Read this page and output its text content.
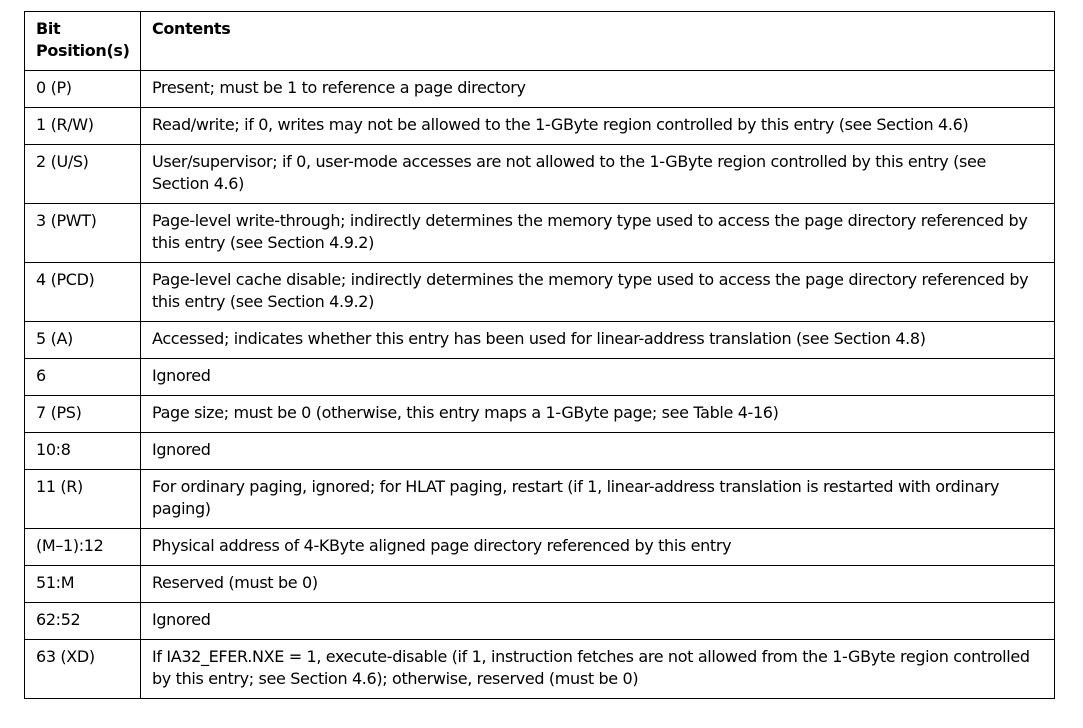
Bit
Position(s)	Contents
0 (P)	Present; must be 1 to reference a page directory
1 (R/W)	Read/write; if 0, writes may not be allowed to the 1-GByte region controlled by this entry (see Section 4.6)
2 (U/S)	User/supervisor; if 0, user-mode accesses are not allowed to the 1-GByte region controlled by this entry (see Section 4.6)
3 (PWT)	Page-level write-through; indirectly determines the memory type used to access the page directory referenced by this entry (see Section 4.9.2)
4 (PCD)	Page-level cache disable; indirectly determines the memory type used to access the page directory referenced by this entry (see Section 4.9.2)
5 (A)	Accessed; indicates whether this entry has been used for linear-address translation (see Section 4.8)
6	Ignored
7 (PS)	Page size; must be 0 (otherwise, this entry maps a 1-GByte page; see Table 4-16)
10:8	Ignored
11 (R)	For ordinary paging, ignored; for HLAT paging, restart (if 1, linear-address translation is restarted with ordinary paging)
(M–1):12	Physical address of 4-KByte aligned page directory referenced by this entry
51:M	Reserved (must be 0)
62:52	Ignored
63 (XD)	If IA32_EFER.NXE = 1, execute-disable (if 1, instruction fetches are not allowed from the 1-GByte region controlled by this entry; see Section 4.6); otherwise, reserved (must be 0)
